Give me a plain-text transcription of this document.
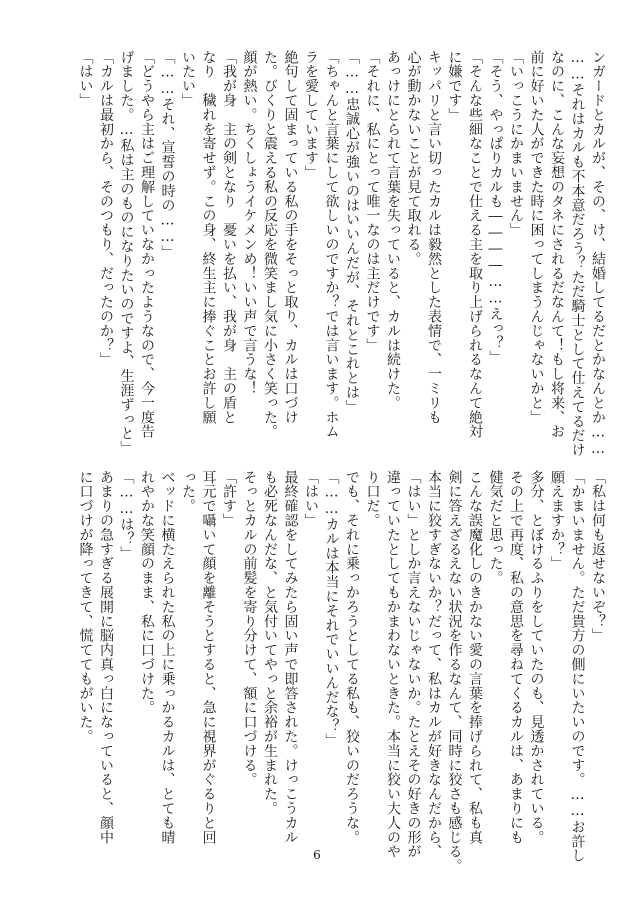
ンガードとカルが、その、け、結婚してるだとかなんとか……

……それはカルも不本意だろう？ただ騎士として仕えてるだけ

なのに、こんな妄想のタネにされるだなんて！もし将来、お

前に好いた人ができた時に困ってしまうんじゃないかと」

「いっこうにかまいません」

「そう、やっぱりカルも――――……えっ？」

「そんな些細なことで仕える主を取り上げられるなんて絶対

に嫌です」

キッパリと言い切ったカルは毅然とした表情で、一ミリも

心が動かないことが見て取れる。

あっけにとられて言葉を失っていると、カルは続けた。

「それに、私にとって唯一なのは主だけです」

「……忠誠心が強いのはいいんだが、それとこれとは」

「ちゃんと言葉にして欲しいのですか？では言います。ホム

ラを愛しています」

絶句して固まっている私の手をそっと取り、カルは口づけ

た。びくりと震える私の反応を微笑まし気に小さく笑った。

顔が熱い。ちくしょうイケメンめ！いい声で言うな！

「我が身　主の剣となり　憂いを払い、我が身　主の盾と

なり　穢れを寄せず。この身、終生主に捧ぐことお許し願

いたい」

「……それ、宣誓の時の……」

「どうやら主はご理解していなかったようなので、今一度告

げました。…私は主のものになりたいのですよ、生涯ずっと」

「カルは最初から、そのつもり、だったのか？」

「はい」

「私は何も返せないぞ？」

「かまいません。ただ貴方の側にいたいのです。……お許し

願えますか？」

多分、とぼけるふりをしていたのも、見透かされている。

その上で再度、私の意思を尋ねてくるカルは、あまりにも

健気だと思った。

こんな誤魔化しのきかない愛の言葉を捧げられて、私も真

剣に答えざるえない状況を作るなんて、同時に狡さも感じる。

本当に狡すぎないか？だって、私はカルが好きなんだから、

「はい」としか言えないじゃないか。たとえその好きの形が

違っていたとしてもかまわないときた。本当に狡い大人のや

り口だ。

でも、それに乗っかろうとしてる私も、狡いのだろうな。

「……カルは本当にそれでいいんだな？」

「はい」

最終確認をしてみたら固い声で即答された。けっこうカル

も必死なんだな、と気付いてやっと余裕が生まれた。

そっとカルの前髪を寄り分けて、額に口づける。

「許す」

耳元で囁いて顔を離そうとすると、急に視界がぐるりと回

った。

ベッドに横たえられた私の上に乗っかるカルは、とても晴

れやかな笑顔のまま、私に口づけた。

「……は？」

あまりの急すぎる展開に脳内真っ白になっていると、顔中

に口づけが降ってきて、慌ててもがいた。

6
